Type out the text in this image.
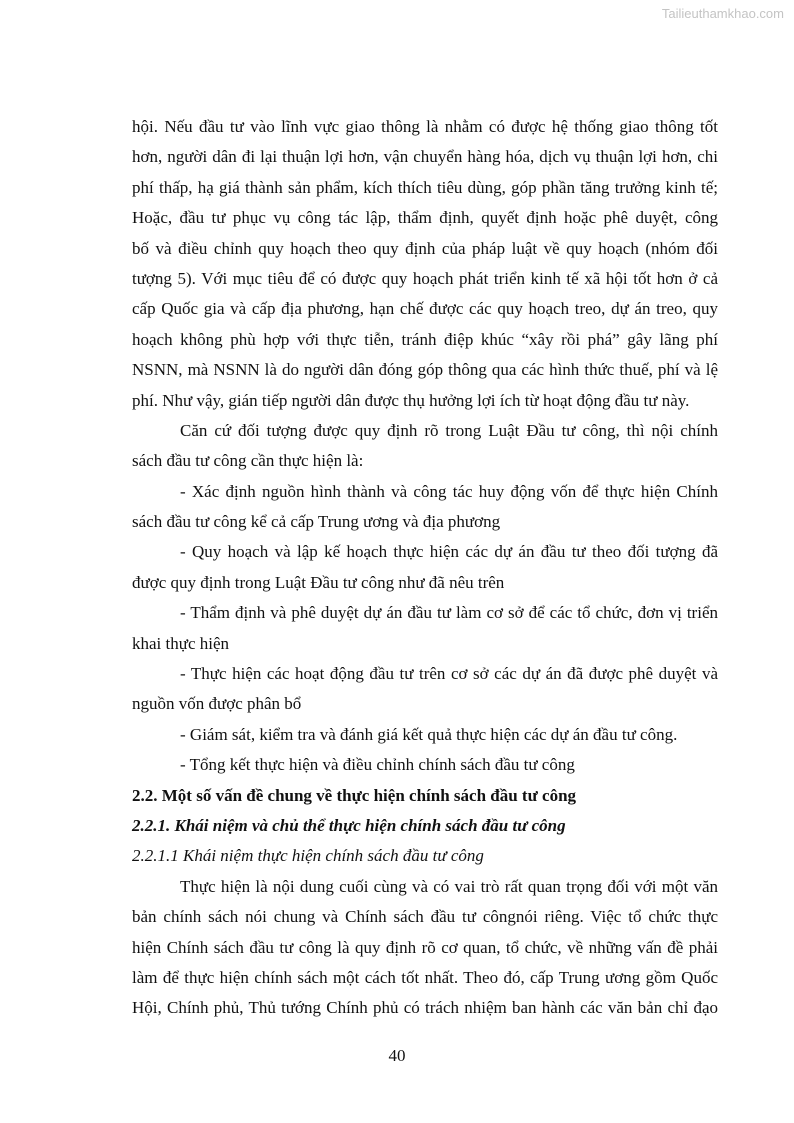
Tailieuthamkhao.com
hội. Nếu đầu tư vào lĩnh vực giao thông là nhằm có được hệ thống giao thông tốt
hơn, người dân đi lại thuận lợi hơn, vận chuyển hàng hóa, dịch vụ thuận lợi hơn, chi
phí thấp, hạ giá thành sản phẩm, kích thích tiêu dùng, góp phần tăng trưởng kinh tế;
Hoặc, đầu tư phục vụ công tác lập, thẩm định, quyết định hoặc phê duyệt, công
bố và điều chỉnh quy hoạch theo quy định của pháp luật về quy hoạch (nhóm đối
tượng 5). Với mục tiêu để có được quy hoạch phát triển kinh tế xã hội tốt hơn ở cả
cấp Quốc gia và cấp địa phương, hạn chế được các quy hoạch treo, dự án treo, quy
hoạch không phù hợp với thực tiễn, tránh điệp khúc “xây rồi phá” gây lãng phí
NSNN, mà NSNN là do người dân đóng góp thông qua các hình thức thuế, phí và lệ
phí. Như vậy, gián tiếp người dân được thụ hưởng lợi ích từ hoạt động đầu tư này.
Căn cứ đối tượng được quy định rõ trong Luật Đầu tư công, thì nội chính
sách đầu tư công cần thực hiện là:
- Xác định nguồn hình thành và công tác huy động vốn để thực hiện Chính
sách đầu tư công kể cả cấp Trung ương và địa phương
- Quy hoạch và lập kế hoạch thực hiện các dự án đầu tư theo đối tượng đã
được quy định trong Luật Đầu tư công như đã nêu trên
- Thẩm định và phê duyệt dự án đầu tư làm cơ sở để các tổ chức, đơn vị triển
khai thực hiện
- Thực hiện các hoạt động đầu tư trên cơ sở các dự án đã được phê duyệt và
nguồn vốn được phân bổ
- Giám sát, kiểm tra và đánh giá kết quả thực hiện các dự án đầu tư công.
- Tổng kết thực hiện và điều chỉnh chính sách đầu tư công
2.2. Một số vấn đề chung về thực hiện chính sách đầu tư công
2.2.1. Khái niệm và chủ thể thực hiện chính sách đầu tư công
2.2.1.1 Khái niệm thực hiện chính sách đầu tư công
Thực hiện là nội dung cuối cùng và có vai trò rất quan trọng đối với một văn
bản chính sách nói chung và Chính sách đầu tư côngnói riêng. Việc tổ chức thực
hiện Chính sách đầu tư công là quy định rõ cơ quan, tổ chức, về những vấn đề phải
làm để thực hiện chính sách một cách tốt nhất. Theo đó, cấp Trung ương gồm Quốc
Hội, Chính phủ, Thủ tướng Chính phủ có trách nhiệm ban hành các văn bản chỉ đạo
40
